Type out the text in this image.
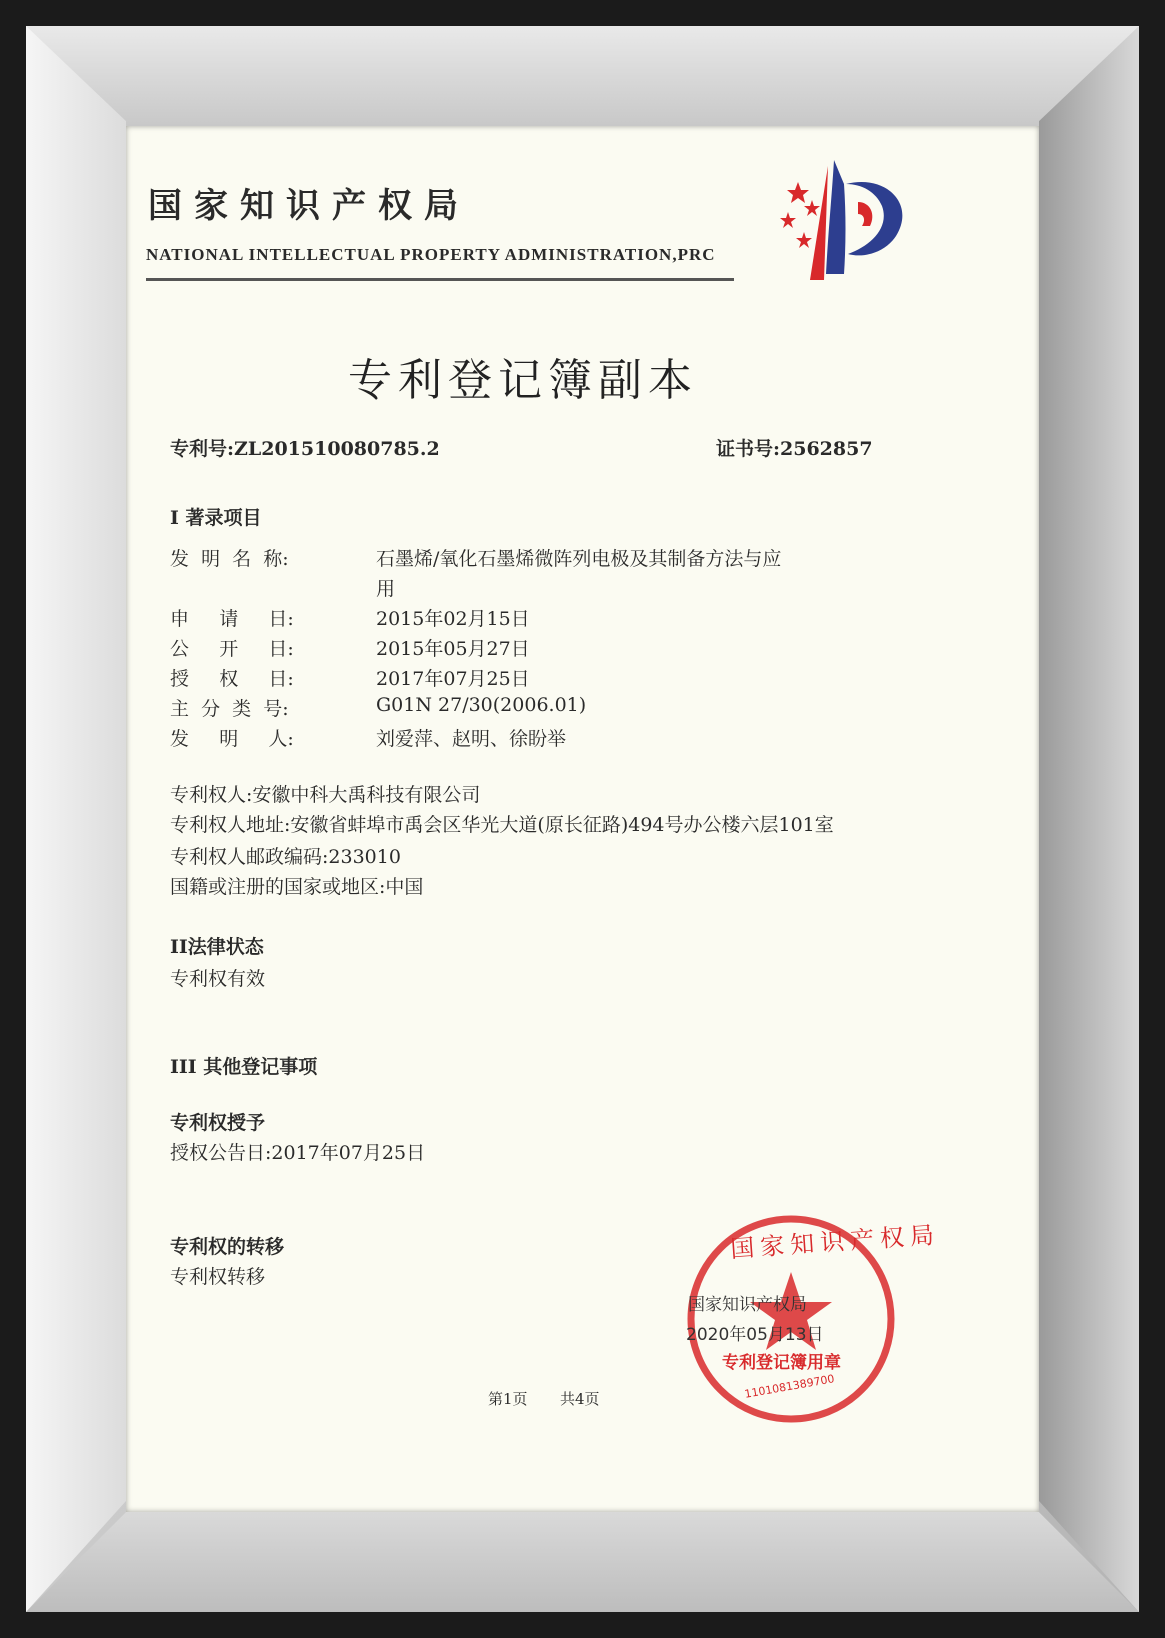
国家知识产权局
NATIONAL INTELLECTUAL PROPERTY ADMINISTRATION,PRC
专利登记簿副本
专利号:ZL201510080785.2	证书号:2562857
I 著录项目
发  明  名  称:	石墨烯/氧化石墨烯微阵列电极及其制备方法与应
用
申     请     日:	2015年02月15日
公     开     日:	2015年05月27日
授     权     日:	2017年07月25日
主  分  类  号:	G01N 27/30(2006.01)
发     明     人:	刘爱萍、赵明、徐盼举
专利权人:安徽中科大禹科技有限公司
专利权人地址:安徽省蚌埠市禹会区华光大道(原长征路)494号办公楼六层101室
专利权人邮政编码:233010
国籍或注册的国家或地区:中国
II法律状态
专利权有效
III 其他登记事项
专利权授予
授权公告日:2017年07月25日
专利权的转移
专利权转移
国家知识产权局
2020年05月13日
专利登记簿用章
1101081389700
国家知识产权局
第1页 共4页
